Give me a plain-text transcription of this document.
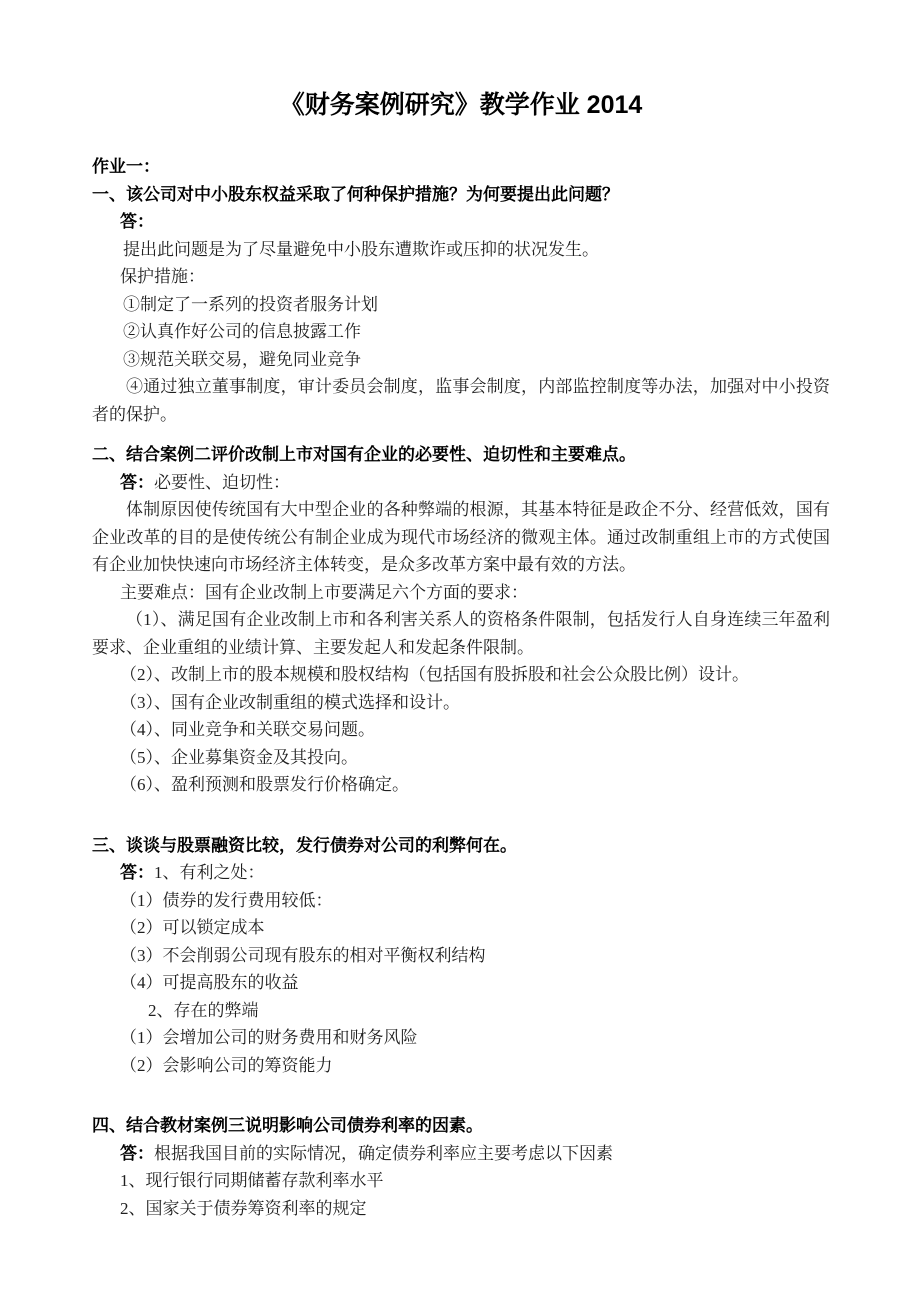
《财务案例研究》教学作业 2014
作业一：
一、该公司对中小股东权益采取了何种保护措施？为何要提出此问题？
答：
提出此问题是为了尽量避免中小股东遭欺诈或压抑的状况发生。
保护措施：
①制定了一系列的投资者服务计划
②认真作好公司的信息披露工作
③规范关联交易，避免同业竞争

④通过独立董事制度，审计委员会制度，监事会制度，内部监控制度等办法，加强对中小投资者的保护。

二、结合案例二评价改制上市对国有企业的必要性、迫切性和主要难点。
答：必要性、迫切性：

体制原因使传统国有大中型企业的各种弊端的根源，其基本特征是政企不分、经营低效，国有企业改革的目的是使传统公有制企业成为现代市场经济的微观主体。通过改制重组上市的方式使国有企业加快快速向市场经济主体转变，是众多改革方案中最有效的方法。

主要难点：国有企业改制上市要满足六个方面的要求：

（1）、满足国有企业改制上市和各利害关系人的资格条件限制，包括发行人自身连续三年盈利要求、企业重组的业绩计算、主要发起人和发起条件限制。

（2）、改制上市的股本规模和股权结构（包括国有股拆股和社会公众股比例）设计。
（3）、国有企业改制重组的模式选择和设计。
（4）、同业竞争和关联交易问题。
（5）、企业募集资金及其投向。
（6）、盈利预测和股票发行价格确定。
三、谈谈与股票融资比较，发行债券对公司的利弊何在。
答：1、有利之处：
（1）债券的发行费用较低：
（2）可以锁定成本
（3）不会削弱公司现有股东的相对平衡权利结构
（4）可提高股东的收益
2、存在的弊端
（1）会增加公司的财务费用和财务风险
（2）会影响公司的筹资能力
四、结合教材案例三说明影响公司债券利率的因素。
答：根据我国目前的实际情况，确定债券利率应主要考虑以下因素
1、现行银行同期储蓄存款利率水平
2、国家关于债券筹资利率的规定
